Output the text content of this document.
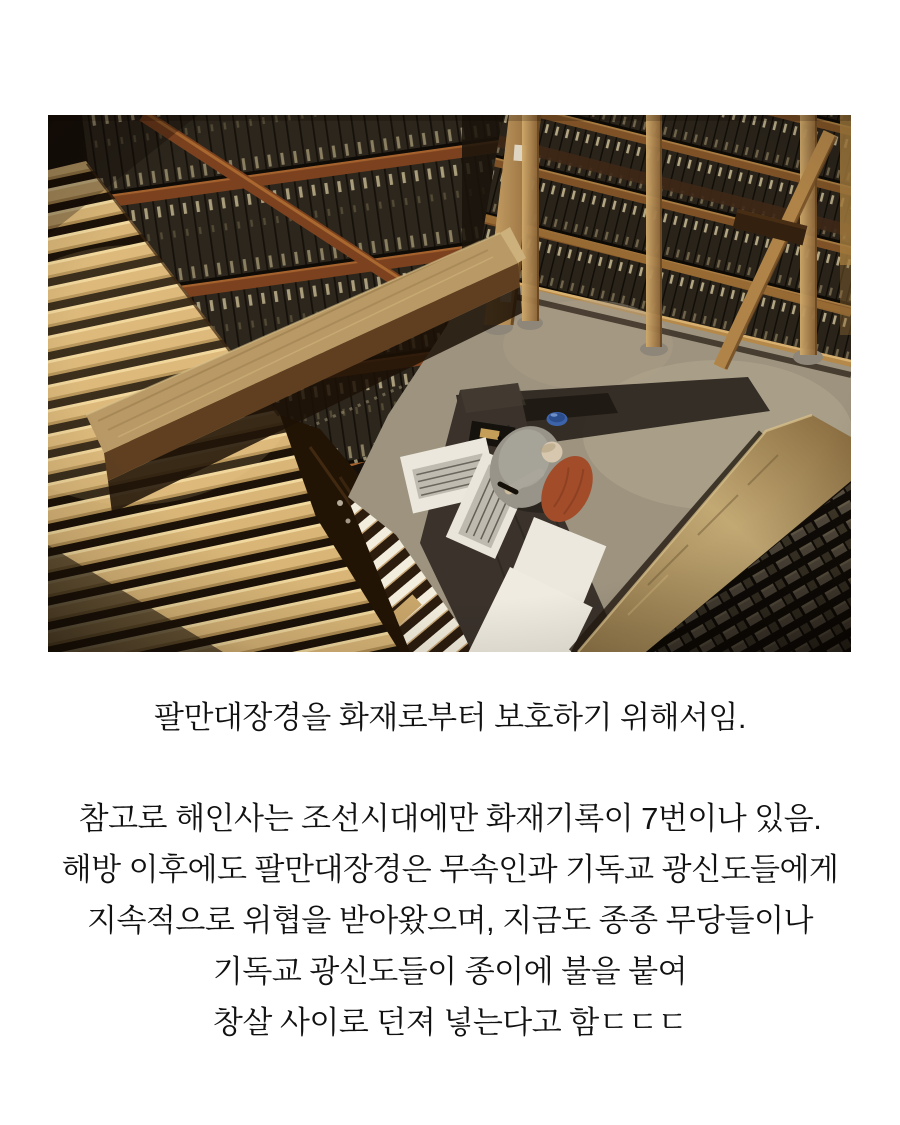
팔만대장경을 화재로부터 보호하기 위해서임.

참고로 해인사는 조선시대에만 화재기록이 7번이나 있음.

해방 이후에도 팔만대장경은 무속인과 기독교 광신도들에게

지속적으로 위협을 받아왔으며, 지금도 종종 무당들이나

기독교 광신도들이 종이에 불을 붙여

창살 사이로 던져 넣는다고 함ㄷㄷㄷ
